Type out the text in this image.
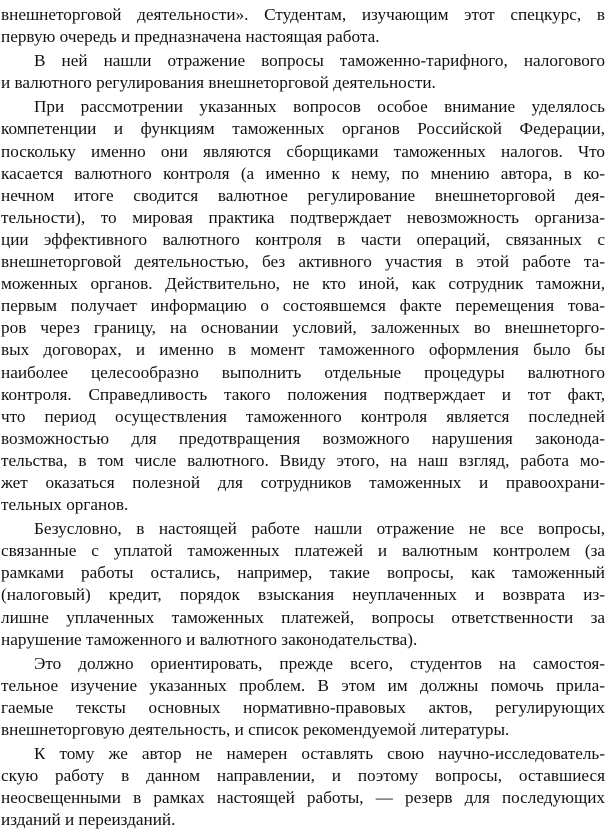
внешнеторговой деятельности». Студентам, изучающим этот спецкурс, в
первую очередь и предназначена настоящая работа.
В ней нашли отражение вопросы таможенно-тарифного, налогового
и валютного регулирования внешнеторговой деятельности.
При рассмотрении указанных вопросов особое внимание уделялось
компетенции и функциям таможенных органов Российской Федерации,
поскольку именно они являются сборщиками таможенных налогов. Что
касается валютного контроля (а именно к нему, по мнению автора, в ко-
нечном итоге сводится валютное регулирование внешнеторговой дея-
тельности), то мировая практика подтверждает невозможность организа-
ции эффективного валютного контроля в части операций, связанных с
внешнеторговой деятельностью, без активного участия в этой работе та-
моженных органов. Действительно, не кто иной, как сотрудник таможни,
первым получает информацию о состоявшемся факте перемещения това-
ров через границу, на основании условий, заложенных во внешнеторго-
вых договорах, и именно в момент таможенного оформления было бы
наиболее целесообразно выполнить отдельные процедуры валютного
контроля. Справедливость такого положения подтверждает и тот факт,
что период осуществления таможенного контроля является последней
возможностью для предотвращения возможного нарушения законода-
тельства, в том числе валютного. Ввиду этого, на наш взгляд, работа мо-
жет оказаться полезной для сотрудников таможенных и правоохрани-
тельных органов.
Безусловно, в настоящей работе нашли отражение не все вопросы,
связанные с уплатой таможенных платежей и валютным контролем (за
рамками работы остались, например, такие вопросы, как таможенный
(налоговый) кредит, порядок взыскания неуплаченных и возврата из-
лишне уплаченных таможенных платежей, вопросы ответственности за
нарушение таможенного и валютного законодательства).
Это должно ориентировать, прежде всего, студентов на самостоя-
тельное изучение указанных проблем. В этом им должны помочь прила-
гаемые тексты основных нормативно-правовых актов, регулирующих
внешнеторговую деятельность, и список рекомендуемой литературы.
К тому же автор не намерен оставлять свою научно-исследователь-
скую работу в данном направлении, и поэтому вопросы, оставшиеся
неосвещенными в рамках настоящей работы, — резерв для последующих
изданий и переизданий.
